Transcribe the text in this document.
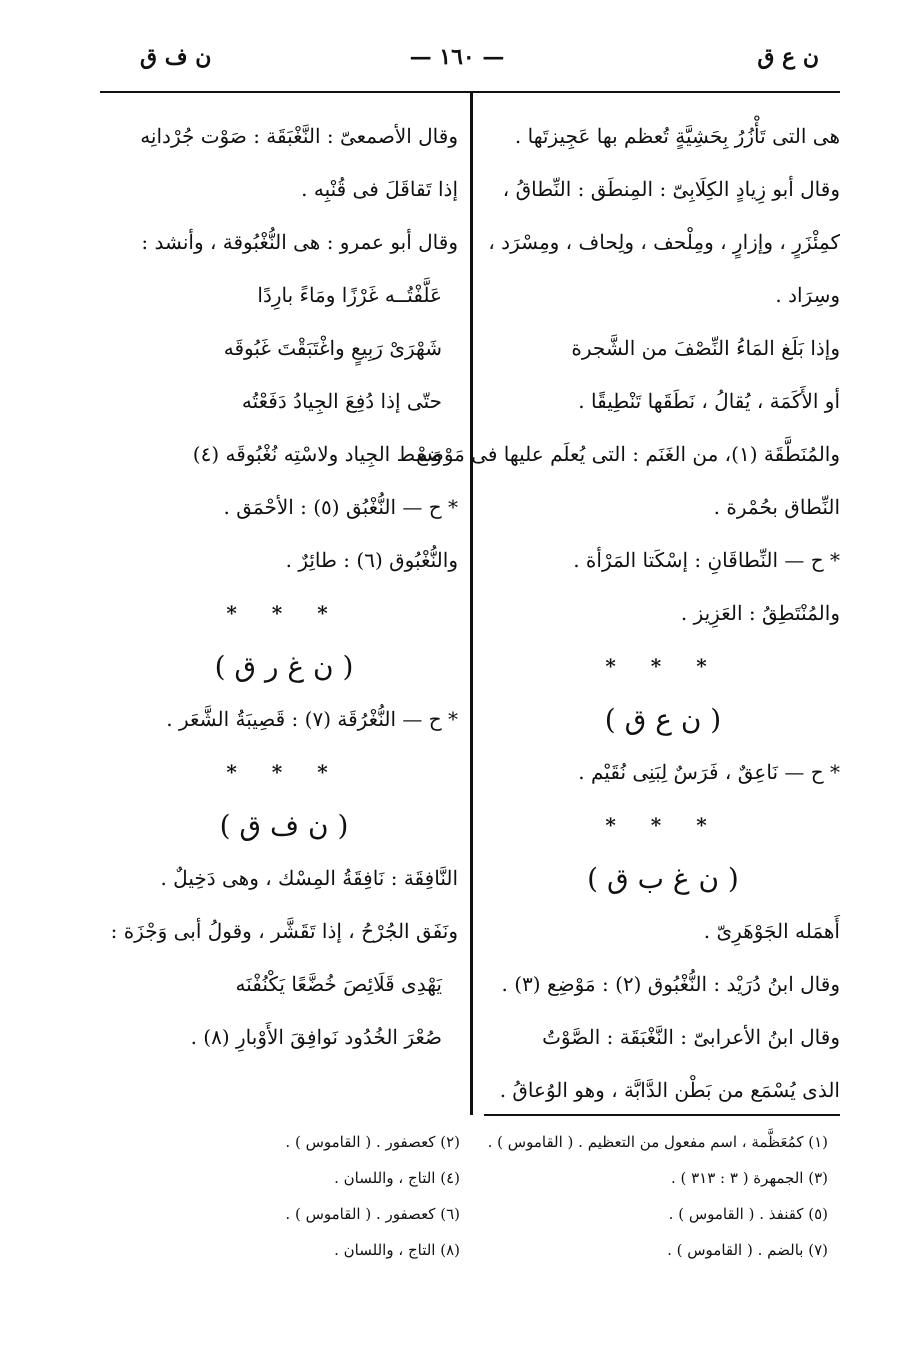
ن ع ق
— ١٦٠ —
ن ف ق
هى التى تَأْزُرُ بِحَشِيَّةٍ تُعظم بها عَجِيزتَها .
وقال أبو زِيادٍ الكِلَابِىّ : المِنطَق : النِّطاقُ ،
كمِئْزَرٍ ، وإزارٍ ، ومِلْحف ، ولِحاف ، ومِسْرَد ،
وسِرَاد .
وإذا بَلَغ المَاءُ النِّصْفَ من الشَّجرة
أو الأَكَمَة ، يُقالُ ، نَطَقَها تَنْطِيقًا .
والمُنَطَّقَة (١)، من الغَنَم : التى يُعلَم عليها فى مَوْضع
النِّطاق بحُمْرة .
* ح — النِّطاقَانِ : إسْكَتا المَرْأة .
والمُنْتَطِقُ : العَزِيز .
* * *
( ن ع ق )
* ح — نَاعِقٌ ، فَرَسٌ لِبَنِى نُقَيْم .
* * *
( ن غ ب ق )
أَهمَله الجَوْهَرِىّ .
وقال ابنُ دُرَيْد : النُّغْبُوق (٢) : مَوْضِع (٣) .
وقال ابنُ الأعرابىّ : النَّغْبَقَة : الصَّوْتُ
الذى يُسْمَع من بَطْن الدَّابَّة ، وهو الوُعاقُ .
وقال الأصمعىّ : النَّغْبَقَة : صَوْت جُرْدانِه
إذا تَقاقَلَ فى قُنْبِه .
وقال أبو عمرو : هى النُّغْبُوقة ، وأنشد :
عَلَّفْتُــه غَرْزًا ومَاءً بارِدًا
شَهْرَىْ رَبِيعٍ واغْتَبَقْتَ غَبُوقَه
حتّى إذا دُفِعَ الجِيادُ دَفَعْتُه
وَسْط الجِياد ولاسْتِه نُغْبُوقَه (٤)
* ح — النُّغْبُق (٥) : الأحْمَق .
والنُّغْبُوق (٦) : طائِرٌ .
* * *
( ن غ ر ق )
* ح — النُّغْرُقَة (٧) : قَصِيبَةُ الشَّعَر .
* * *
( ن ف ق )
النَّافِقَة : نَافِقَةُ المِسْك ، وهى دَخِيلٌ .
ونَفَق الجُرْحُ ، إذا تَقَشَّر ، وقولُ أبى وَجْزَة :
يَهْدِى قَلَائِصَ خُضَّعًا يَكْنُفْنَه
صُعْرَ الخُدُود نَوافِقَ الأَوْبارِ (٨) .
(١) كمُعَظَّمة ، اسم مفعول من التعظيم . ( القاموس ) .
(٣) الجمهرة ( ٣ : ٣١٣ ) .
(٥) كقنفذ . ( القاموس ) .
(٧) بالضم . ( القاموس ) .
(٢) كعصفور . ( القاموس ) .
(٤) التاج ، واللسان .
(٦) كعصفور . ( القاموس ) .
(٨) التاج ، واللسان .
